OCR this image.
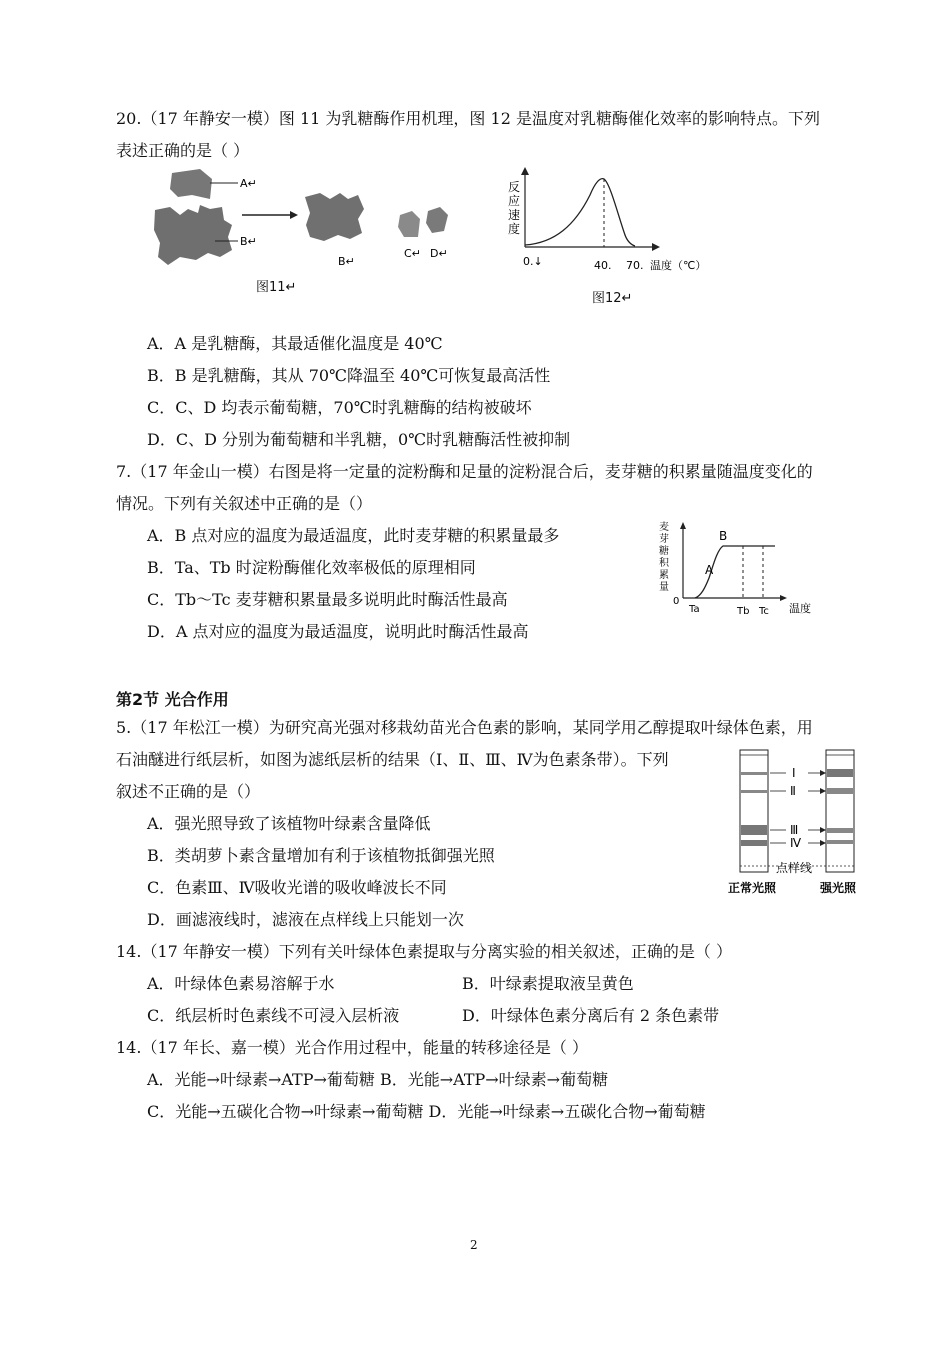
20.（17 年静安一模）图 11 为乳糖酶作用机理，图 12 是温度对乳糖酶催化效率的影响特点。下列
表述正确的是（ ）
A↵
B↵
B↵
C↵ D↵
图11↵
反
应
速
度
0.↓	40. 70. 温度（℃）
图12↵
A．A 是乳糖酶，其最适催化温度是 40℃
B．B 是乳糖酶，其从 70℃降温至 40℃可恢复最高活性
C．C、D 均表示葡萄糖，70℃时乳糖酶的结构被破坏
D．C、D 分别为葡萄糖和半乳糖，0℃时乳糖酶活性被抑制
7.（17 年金山一模）右图是将一定量的淀粉酶和足量的淀粉混合后，麦芽糖的积累量随温度变化的
情况。下列有关叙述中正确的是（）
A．B 点对应的温度为最适温度，此时麦芽糖的积累量最多
B．Ta、Tb 时淀粉酶催化效率极低的原理相同
C．Tb～Tc 麦芽糖积累量最多说明此时酶活性最高
D．A 点对应的温度为最适温度，说明此时酶活性最高
麦
芽
糖
积
累
量
A
B
0
Ta	Tb Tc 温度
第2节 光合作用
5.（17 年松江一模）为研究高光强对移栽幼苗光合色素的影响，某同学用乙醇提取叶绿体色素，用
石油醚进行纸层析，如图为滤纸层析的结果（Ⅰ、Ⅱ、Ⅲ、Ⅳ为色素条带）。下列
叙述不正确的是（）
A．强光照导致了该植物叶绿素含量降低
B．类胡萝卜素含量增加有利于该植物抵御强光照
C．色素Ⅲ、Ⅳ吸收光谱的吸收峰波长不同
D．画滤液线时，滤液在点样线上只能划一次
Ⅰ
Ⅱ
Ⅲ
Ⅳ
点样线
正常光照	强光照
14.（17 年静安一模）下列有关叶绿体色素提取与分离实验的相关叙述，正确的是（ ）
A．叶绿体色素易溶解于水	B．叶绿素提取液呈黄色
C．纸层析时色素线不可浸入层析液	D．叶绿体色素分离后有 2 条色素带
14.（17 年长、嘉一模）光合作用过程中，能量的转移途径是（ ）
A．光能→叶绿素→ATP→葡萄糖 B．光能→ATP→叶绿素→葡萄糖
C．光能→五碳化合物→叶绿素→葡萄糖 D．光能→叶绿素→五碳化合物→葡萄糖
2
